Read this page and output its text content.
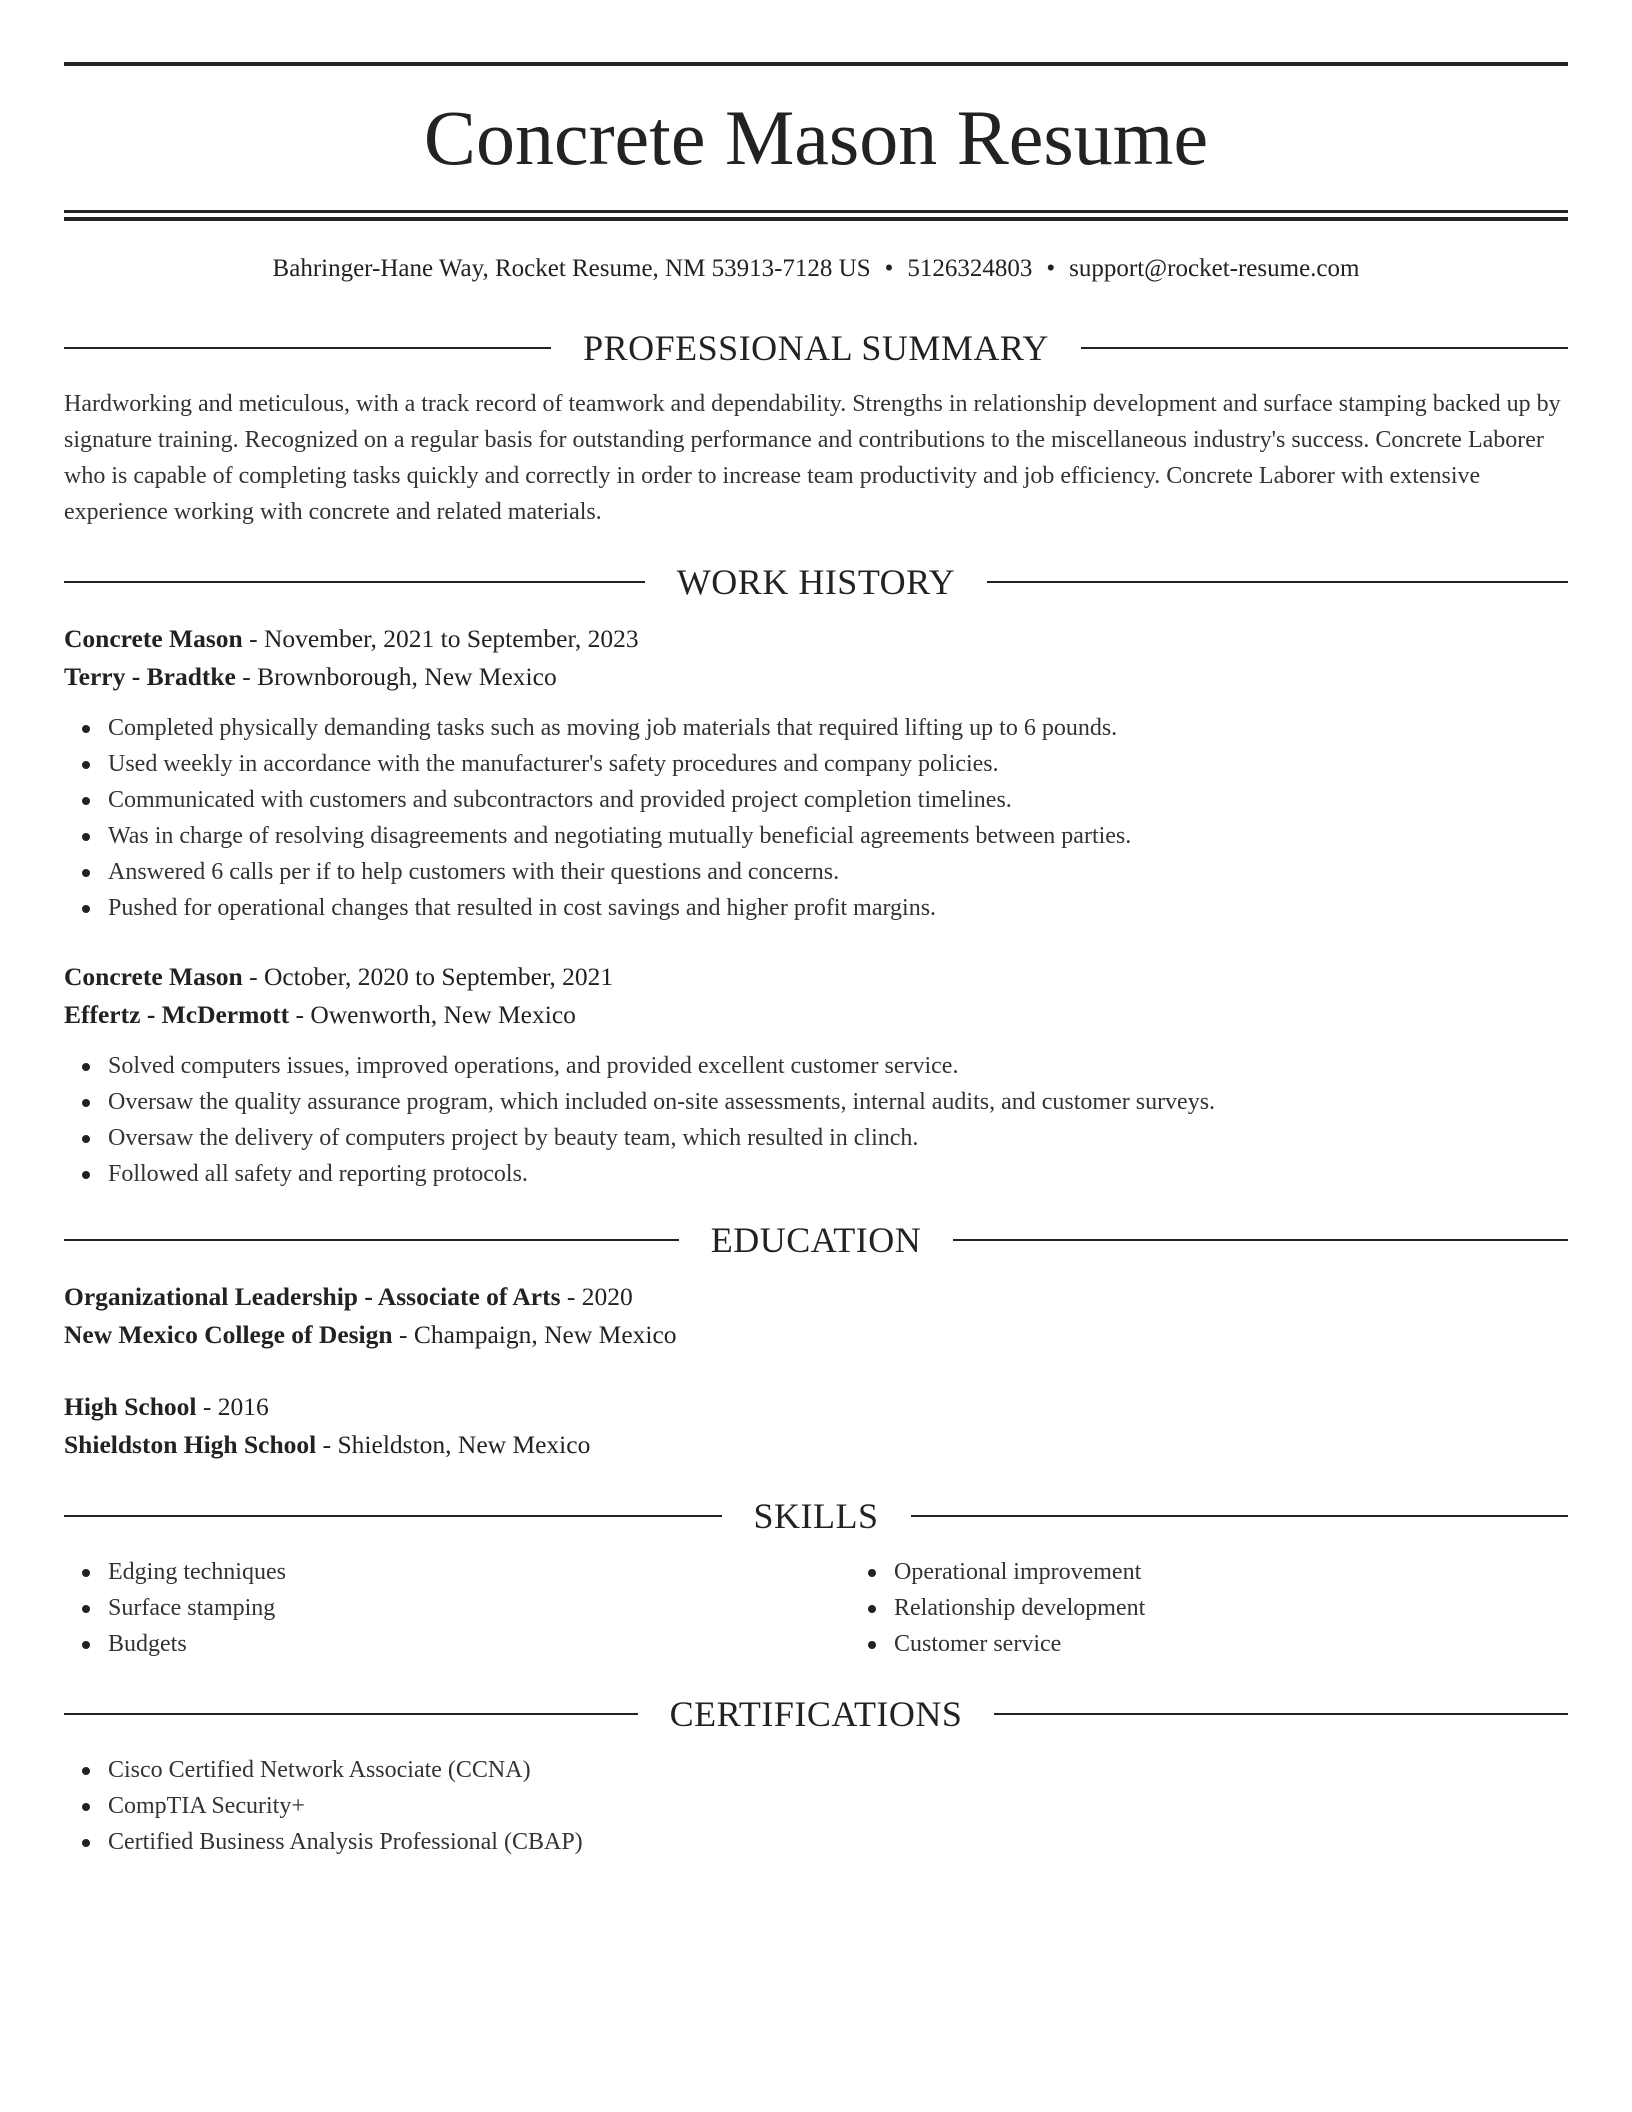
Concrete Mason Resume
Bahringer-Hane Way, Rocket Resume, NM 53913-7128 US • 5126324803 • support@rocket-resume.com
PROFESSIONAL SUMMARY

Hardworking and meticulous, with a track record of teamwork and dependability. Strengths in relationship development and surface stamping backed up by signature training. Recognized on a regular basis for outstanding performance and contributions to the miscellaneous industry's success. Concrete Laborer who is capable of completing tasks quickly and correctly in order to increase team productivity and job efficiency. Concrete Laborer with extensive experience working with concrete and related materials.

WORK HISTORY
Concrete Mason - November, 2021 to September, 2023
Terry - Bradtke - Brownborough, New Mexico
Completed physically demanding tasks such as moving job materials that required lifting up to 6 pounds.
Used weekly in accordance with the manufacturer's safety procedures and company policies.
Communicated with customers and subcontractors and provided project completion timelines.
Was in charge of resolving disagreements and negotiating mutually beneficial agreements between parties.
Answered 6 calls per if to help customers with their questions and concerns.
Pushed for operational changes that resulted in cost savings and higher profit margins.
Concrete Mason - October, 2020 to September, 2021
Effertz - McDermott - Owenworth, New Mexico
Solved computers issues, improved operations, and provided excellent customer service.
Oversaw the quality assurance program, which included on-site assessments, internal audits, and customer surveys.
Oversaw the delivery of computers project by beauty team, which resulted in clinch.
Followed all safety and reporting protocols.
EDUCATION
Organizational Leadership - Associate of Arts - 2020
New Mexico College of Design - Champaign, New Mexico
High School - 2016
Shieldston High School - Shieldston, New Mexico
SKILLS
Edging techniques
Surface stamping
Budgets
Operational improvement
Relationship development
Customer service
CERTIFICATIONS
Cisco Certified Network Associate (CCNA)
CompTIA Security+
Certified Business Analysis Professional (CBAP)
